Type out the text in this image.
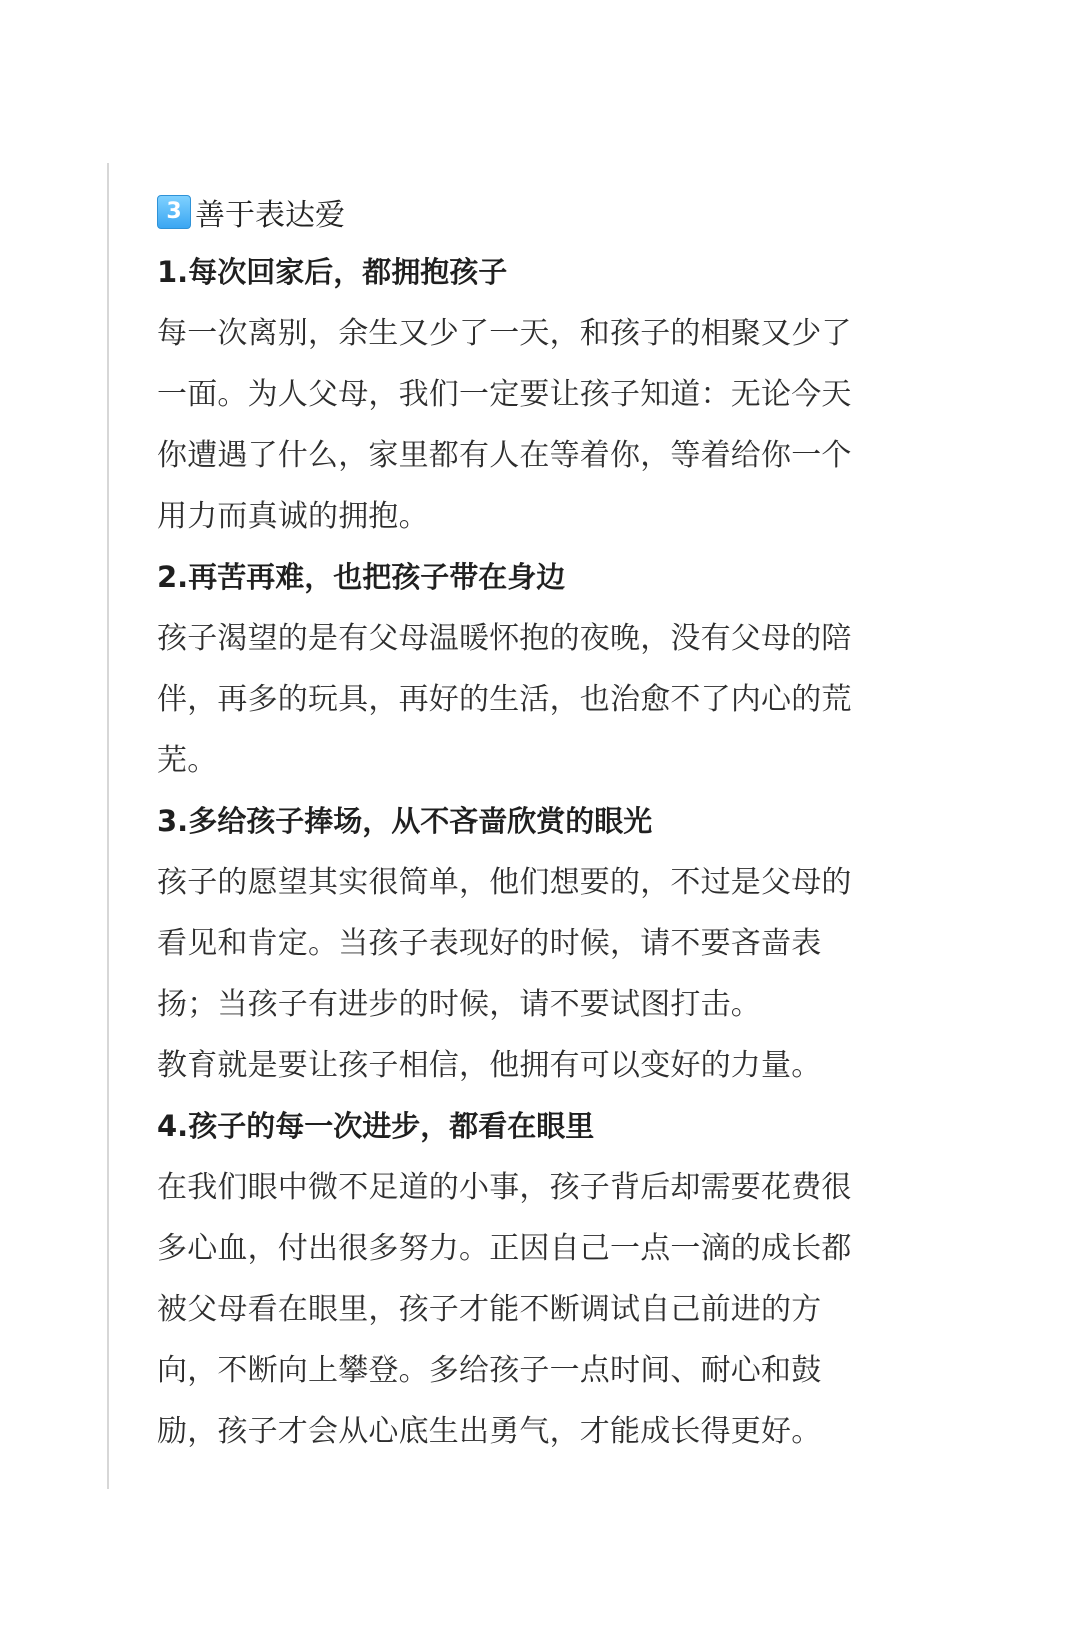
3 善于表达爱
1.每次回家后，都拥抱孩子
每一次离别，余生又少了一天，和孩子的相聚又少了
一面。为人父母，我们一定要让孩子知道：无论今天
你遭遇了什么，家里都有人在等着你，等着给你一个
用力而真诚的拥抱。
2.再苦再难，也把孩子带在身边
孩子渴望的是有父母温暖怀抱的夜晚，没有父母的陪
伴，再多的玩具，再好的生活，也治愈不了内心的荒
芜。
3.多给孩子捧场，从不吝啬欣赏的眼光
孩子的愿望其实很简单，他们想要的，不过是父母的
看见和肯定。当孩子表现好的时候，请不要吝啬表
扬；当孩子有进步的时候，请不要试图打击。
教育就是要让孩子相信，他拥有可以变好的力量。
4.孩子的每一次进步，都看在眼里
在我们眼中微不足道的小事，孩子背后却需要花费很
多心血，付出很多努力。正因自己一点一滴的成长都
被父母看在眼里，孩子才能不断调试自己前进的方
向，不断向上攀登。多给孩子一点时间、耐心和鼓
励，孩子才会从心底生出勇气，才能成长得更好。
